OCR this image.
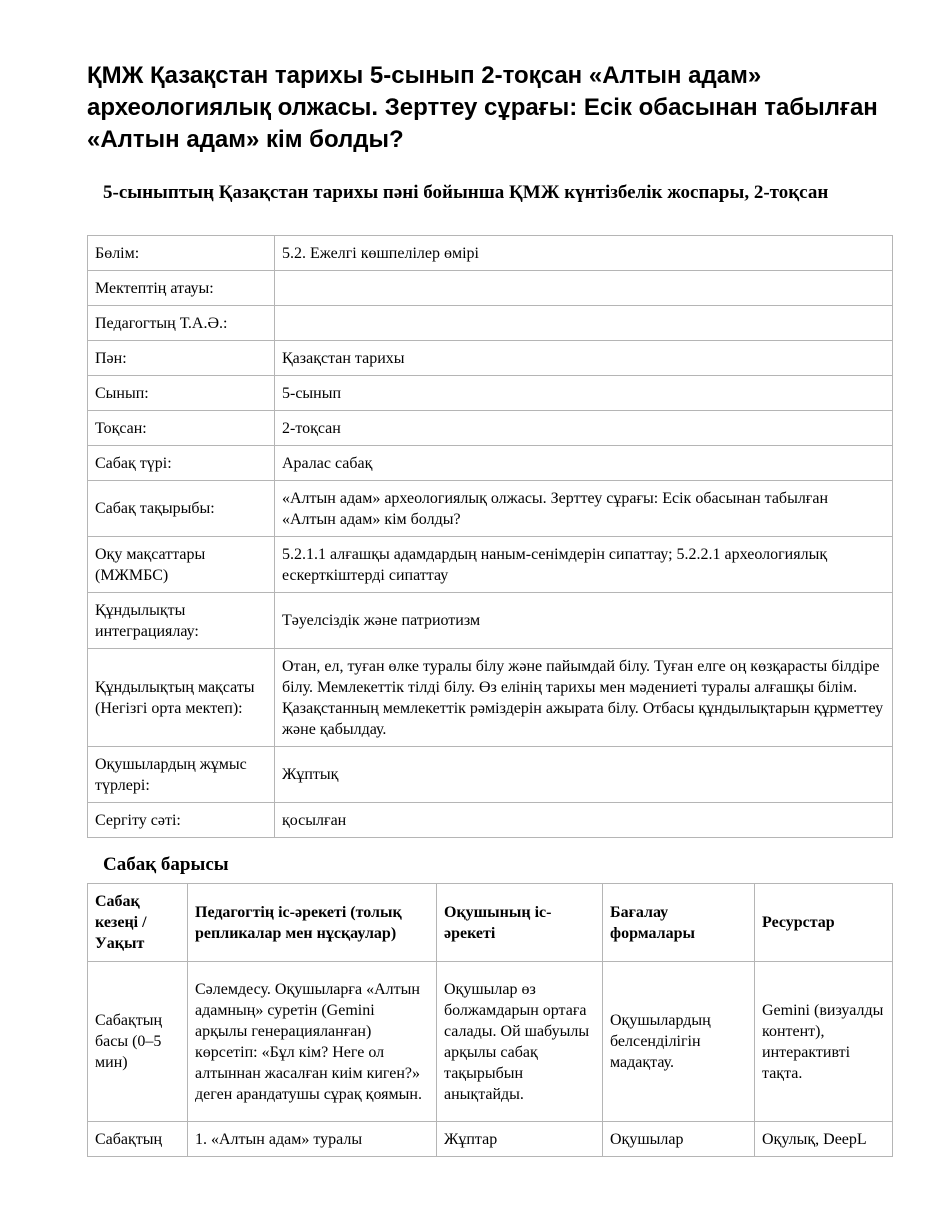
ҚМЖ Қазақстан тарихы 5-сынып 2-тоқсан «Алтын адам» археологиялық олжасы. Зерттеу сұрағы: Есік обасынан табылған «Алтын адам» кім болды?
5-сыныптың Қазақстан тарихы пәні бойынша ҚМЖ күнтізбелік жоспары, 2-тоқсан
Бөлім:	5.2. Ежелгі көшпелілер өмірі
Мектептің атауы:	
Педагогтың Т.А.Ә.:	
Пән:	Қазақстан тарихы
Сынып:	5-сынып
Тоқсан:	2-тоқсан
Сабақ түрі:	Аралас сабақ
Сабақ тақырыбы:	«Алтын адам» археологиялық олжасы. Зерттеу сұрағы: Есік обасынан табылған «Алтын адам» кім болды?
Оқу мақсаттары (МЖМБС)	5.2.1.1 алғашқы адамдардың наным-сенімдерін сипаттау; 5.2.2.1 археологиялық ескерткіштерді сипаттау
Құндылықты интеграциялау:	Тәуелсіздік және патриотизм
Құндылықтың мақсаты (Негізгі орта мектеп):	Отан, ел, туған өлке туралы білу және пайымдай білу. Туған елге оң көзқарасты білдіре білу. Мемлекеттік тілді білу. Өз елінің тарихы мен мәдениеті туралы алғашқы білім. Қазақстанның мемлекеттік рәміздерін ажырата білу. Отбасы құндылықтарын құрметтеу және қабылдау.
Оқушылардың жұмыс түрлері:	Жұптық
Сергіту сәті:	қосылған
Сабақ барысы
Сабақ кезеңі / Уақыт	Педагогтің іс-әрекеті (толық репликалар мен нұсқаулар)	Оқушының іс-әрекеті	Бағалау формалары	Ресурстар
Сабақтың басы (0–5 мин)	Сәлемдесу. Оқушыларға «Алтын адамның» суретін (Gemini арқылы генерацияланған) көрсетіп: «Бұл кім? Неге ол алтыннан жасалған киім киген?» деген арандатушы сұрақ қоямын.	Оқушылар өз болжамдарын ортаға салады. Ой шабуылы арқылы сабақ тақырыбын анықтайды.	Оқушылардың белсенділігін мадақтау.	Gemini (визуалды контент), интерактивті тақта.
Сабақтың	1. «Алтын адам» туралы	Жұптар	Оқушылар	Оқулық, DeepL
